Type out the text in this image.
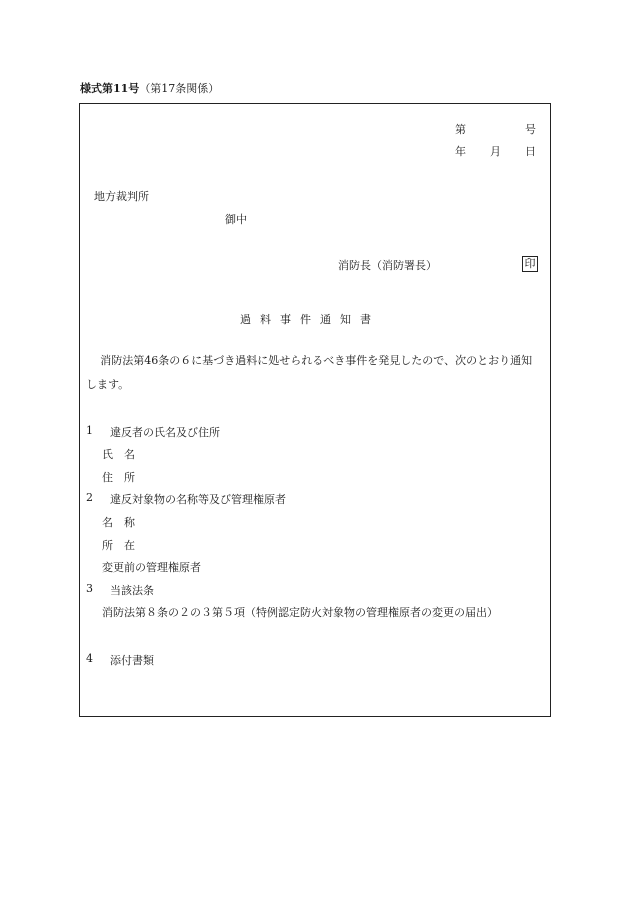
様式第11号（第17条関係）
第	号
年 月 日
地方裁判所
御中
消防長（消防署長）	印
過料事件通知書
消防法第46条の６に基づき過料に処せられるべき事件を発見したので、次のとおり通知します。
1 違反者の氏名及び住所
氏　名
住　所
2 違反対象物の名称等及び管理権原者
名　称
所　在
変更前の管理権原者
3 当該法条
消防法第８条の２の３第５項（特例認定防火対象物の管理権原者の変更の届出）
4 添付書類
